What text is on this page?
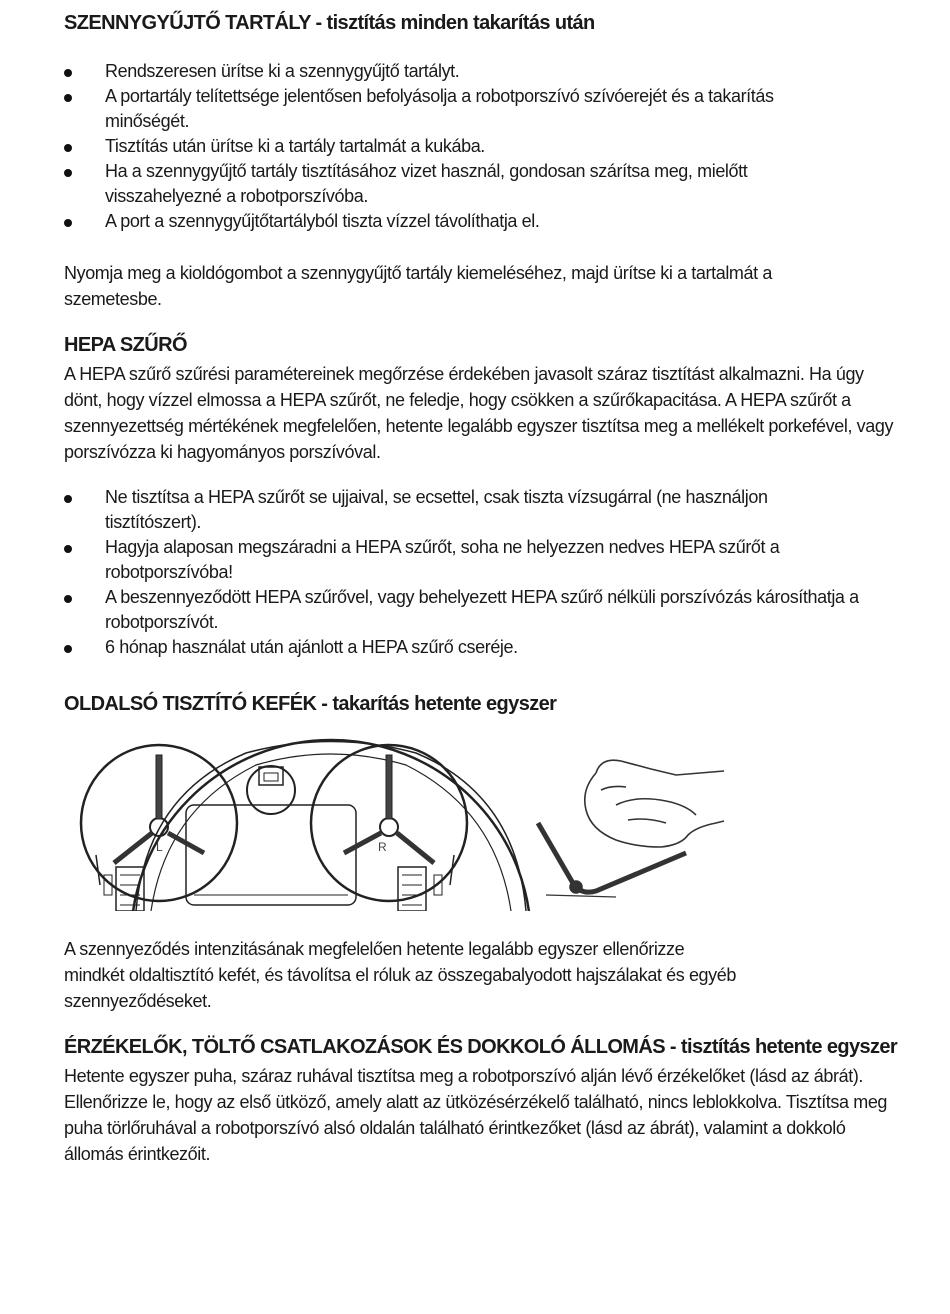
SZENNYGYŰJTŐ TARTÁLY - tisztítás minden takarítás után
Rendszeresen ürítse ki a szennygyűjtő tartályt.
A portartály telítettsége jelentősen befolyásolja a robotporszívó szívóerejét és a takarítás minőségét.
Tisztítás után ürítse ki a tartály tartalmát a kukába.
Ha a szennygyűjtő tartály tisztításához vizet használ, gondosan szárítsa meg, mielőtt visszahelyezné a robotporszívóba.
A port a szennygyűjtőtartályból tiszta vízzel távolíthatja el.
Nyomja meg a kioldógombot a szennygyűjtő tartály kiemeléséhez, majd ürítse ki a tartalmát a szemetesbe.
HEPA SZŰRŐ
A HEPA szűrő szűrési paramétereinek megőrzése érdekében javasolt száraz tisztítást alkalmazni. Ha úgy dönt, hogy vízzel elmossa a HEPA szűrőt, ne feledje, hogy csökken a szűrőkapacitása. A HEPA szűrőt a szennyezettség mértékének megfelelően, hetente legalább egyszer tisztítsa meg a mellékelt porkefével, vagy porszívózza ki hagyományos porszívóval.
Ne tisztítsa a HEPA szűrőt se ujjaival, se ecsettel, csak tiszta vízsugárral (ne használjon tisztítószert).
Hagyja alaposan megszáradni a HEPA szűrőt, soha ne helyezzen nedves HEPA szűrőt a robotporszívóba!
A beszennyeződött HEPA szűrővel, vagy behelyezett HEPA szűrő nélküli porszívózás károsíthatja a robotporszívót.
6 hónap használat után ajánlott a HEPA szűrő cseréje.
OLDALSÓ TISZTÍTÓ KEFÉK - takarítás hetente egyszer
L	R
A szennyeződés intenzitásának megfelelően hetente legalább egyszer ellenőrizze
mindkét oldaltisztító kefét, és távolítsa el róluk az összegabalyodott hajszálakat és egyéb
szennyeződéseket.
ÉRZÉKELŐK, TÖLTŐ CSATLAKOZÁSOK ÉS DOKKOLÓ ÁLLOMÁS - tisztítás hetente egyszer
Hetente egyszer puha, száraz ruhával tisztítsa meg a robotporszívó alján lévő érzékelőket (lásd az ábrát). Ellenőrizze le, hogy az első ütköző, amely alatt az ütközésérzékelő található, nincs leblokkolva. Tisztítsa meg puha törlőruhával a robotporszívó alsó oldalán található érintkezőket (lásd az ábrát), valamint a dokkoló állomás érintkezőit.
